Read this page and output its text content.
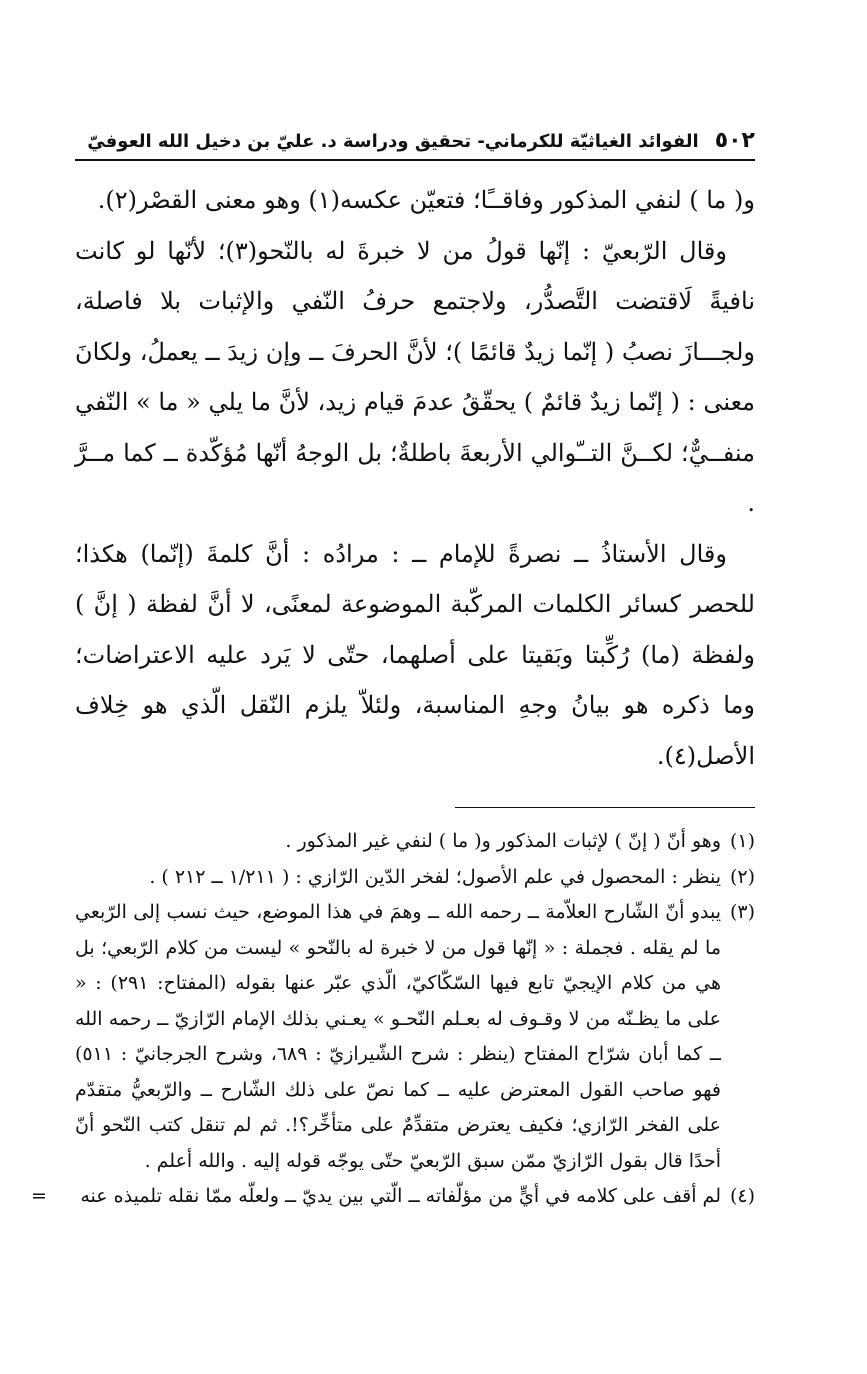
٥٠٢
الفوائد الغياثيّة للكرماني- تحقيق ودراسة د. عليّ بن دخيل الله العوفيّ

و( ما ) لنفي المذكور وفاقــًا؛ فتعيّن عكسه(١) وهو معنى القصْر(٢).

وقال الرّبعيّ : إنّها قولُ من لا خبرةَ له بالنّحو(٣)؛ لأنّها لو كانت نافيةً لَاقتضت التَّصدُّر، ولاجتمع حرفُ النّفي والإثبات بلا فاصلة، ولجـــازَ نصبُ ( إنّما زيدٌ قائمًا )؛ لأنَّ الحرفَ ــ وإن زيدَ ــ يعملُ، ولكانَ معنى : ( إنّما زيدٌ قائمٌ ) يحقّقُ عدمَ قيام زيد، لأنَّ ما يلي « ما » النّفي منفــيٌّ؛ لكــنَّ التــّوالي الأربعةَ باطلةٌ؛ بل الوجهُ أنّها مُؤكّدة ــ كما مــرَّ .

وقال الأستاذُ ــ نصرةً للإمام ــ : مرادُه : أنَّ كلمةَ (إنّما) هكذا؛ للحصر كسائر الكلمات المركّبة الموضوعة لمعنًى، لا أنَّ لفظة ( إنَّ ) ولفظة (ما) رُكِّبتا وبَقيتا على أصلهما، حتّى لا يَرد عليه الاعتراضات؛ وما ذكره هو بيانُ وجهِ المناسبة، ولئلاّ يلزم النّقل الّذي هو خِلاف الأصل(٤).

(١)
وهو أنّ ( إنّ ) لإثبات المذكور و( ما ) لنفي غير المذكور .

(٢)
ينظر : المحصول في علم الأصول؛ لفخر الدّين الرّازي : ( ١/٢١١ ــ ٢١٢ ) .

(٣)
يبدو أنّ الشّارح العلاّمة ــ رحمه الله ــ وهمَ في هذا الموضع، حيث نسب إلى الرّبعي ما لم يقله . فجملة : « إنّها قول من لا خبرة له بالنّحو » ليست من كلام الرّبعي؛ بل هي من كلام الإيجيّ تابع فيها السّكّاكيّ، الّذي عبّر عنها بقوله (المفتاح: ٢٩١) : « على ما يظـنّه من لا وقـوف له بعـلم النّحـو » يعـني بذلك الإمام الرّازيّ ــ رحمه الله ــ كما أبان شرّاح المفتاح (ينظر : شرح الشّيرازيّ : ٦٨٩، وشرح الجرجانيّ : ٥١١) فهو صاحب القول المعترض عليه ــ كما نصّ على ذلك الشّارح ــ والرّبعيُّ متقدّم على الفخر الرّازي؛ فكيف يعترض متقدِّمٌ على متأخِّر؟!. ثم لم تنقل كتب النّحو أنّ أحدًا قال بقول الرّازيّ ممّن سبق الرّبعيّ حتّى يوجّه قوله إليه . والله أعلم .

(٤)
لم أقف على كلامه في أيٍّ من مؤلّفاته ــ الّتي بين يديّ ــ ولعلّه ممّا نقله تلميذه عنه
=
